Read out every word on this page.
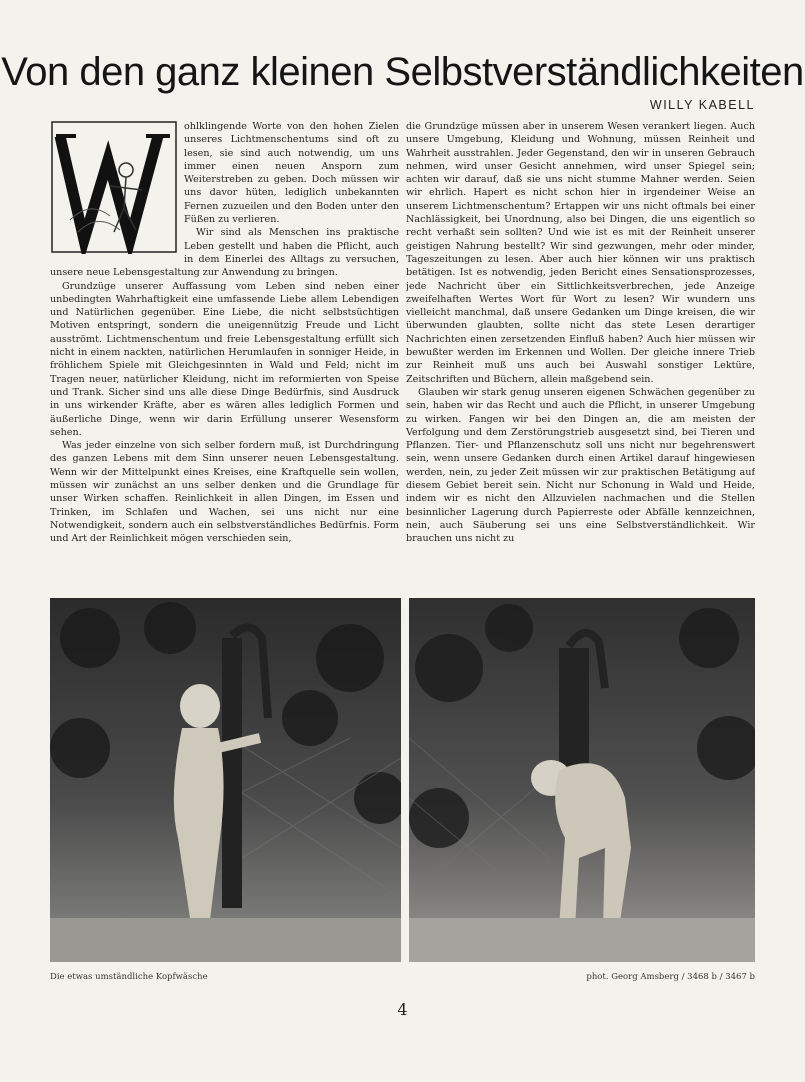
Von den ganz kleinen Selbstverständlichkeiten
WILLY KABELL

ohlklingende Worte von den hohen Zielen unseres Lichtmenschentums sind oft zu lesen, sie sind auch notwendig, um uns immer einen neuen Ansporn zum Weiterstreben zu geben. Doch müssen wir uns davor hüten, lediglich unbekannten Fernen zuzueilen und den Boden unter den Füßen zu verlieren.

Wir sind als Menschen ins praktische Leben gestellt und haben die Pflicht, auch in dem Einerlei des Alltags zu versuchen, unsere neue Lebensgestaltung zur Anwendung zu bringen.

Grundzüge unserer Auffassung vom Leben sind neben einer unbedingten Wahrhaftigkeit eine umfassende Liebe allem Lebendigen und Natürlichen gegenüber. Eine Liebe, die nicht selbstsüchtigen Motiven entspringt, sondern die uneigennützig Freude und Licht ausströmt. Lichtmenschentum und freie Lebensgestaltung erfüllt sich nicht in einem nackten, natürlichen Herumlaufen in sonniger Heide, in fröhlichem Spiele mit Gleichgesinnten in Wald und Feld; nicht im Tragen neuer, natürlicher Kleidung, nicht im reformierten von Speise und Trank. Sicher sind uns alle diese Dinge Bedürfnis, sind Ausdruck in uns wirkender Kräfte, aber es wären alles lediglich Formen und äußerliche Dinge, wenn wir darin Erfüllung unserer Wesensform sehen.

Was jeder einzelne von sich selber fordern muß, ist Durchdringung des ganzen Lebens mit dem Sinn unserer neuen Lebensgestaltung. Wenn wir der Mittelpunkt eines Kreises, eine Kraftquelle sein wollen, müssen wir zunächst an uns selber denken und die Grundlage für unser Wirken schaffen. Reinlichkeit in allen Dingen, im Essen und Trinken, im Schlafen und Wachen, sei uns nicht nur eine Notwendigkeit, sondern auch ein selbstverständliches Bedürfnis. Form und Art der Reinlichkeit mögen verschieden sein,

die Grundzüge müssen aber in unserem Wesen verankert liegen. Auch unsere Umgebung, Kleidung und Wohnung, müssen Reinheit und Wahrheit ausstrahlen. Jeder Gegenstand, den wir in unseren Gebrauch nehmen, wird unser Gesicht annehmen, wird unser Spiegel sein; achten wir darauf, daß sie uns nicht stumme Mahner werden. Seien wir ehrlich. Hapert es nicht schon hier in irgendeiner Weise an unserem Lichtmenschentum? Ertappen wir uns nicht oftmals bei einer Nachlässigkeit, bei Unordnung, also bei Dingen, die uns eigentlich so recht verhaßt sein sollten? Und wie ist es mit der Reinheit unserer geistigen Nahrung bestellt? Wir sind gezwungen, mehr oder minder, Tageszeitungen zu lesen. Aber auch hier können wir uns praktisch betätigen. Ist es notwendig, jeden Bericht eines Sensationsprozesses, jede Nachricht über ein Sittlichkeitsverbrechen, jede Anzeige zweifelhaften Wertes Wort für Wort zu lesen? Wir wundern uns vielleicht manchmal, daß unsere Gedanken um Dinge kreisen, die wir überwunden glaubten, sollte nicht das stete Lesen derartiger Nachrichten einen zersetzenden Einfluß haben? Auch hier müssen wir bewußter werden im Erkennen und Wollen. Der gleiche innere Trieb zur Reinheit muß uns auch bei Auswahl sonstiger Lektüre, Zeitschriften und Büchern, allein maßgebend sein.

Glauben wir stark genug unseren eigenen Schwächen gegenüber zu sein, haben wir das Recht und auch die Pflicht, in unserer Umgebung zu wirken. Fangen wir bei den Dingen an, die am meisten der Verfolgung und dem Zerstörungstrieb ausgesetzt sind, bei Tieren und Pflanzen. Tier- und Pflanzenschutz soll uns nicht nur begehrenswert sein, wenn unsere Gedanken durch einen Artikel darauf hingewiesen werden, nein, zu jeder Zeit müssen wir zur praktischen Betätigung auf diesem Gebiet bereit sein. Nicht nur Schonung in Wald und Heide, indem wir es nicht den Allzuvielen nachmachen und die Stellen besinnlicher Lagerung durch Papierreste oder Abfälle kennzeichnen, nein, auch Säuberung sei uns eine Selbstverständlichkeit. Wir brauchen uns nicht zu

Die etwas umständliche Kopfwäsche	phot. Georg Amsberg / 3468 b / 3467 b
4
